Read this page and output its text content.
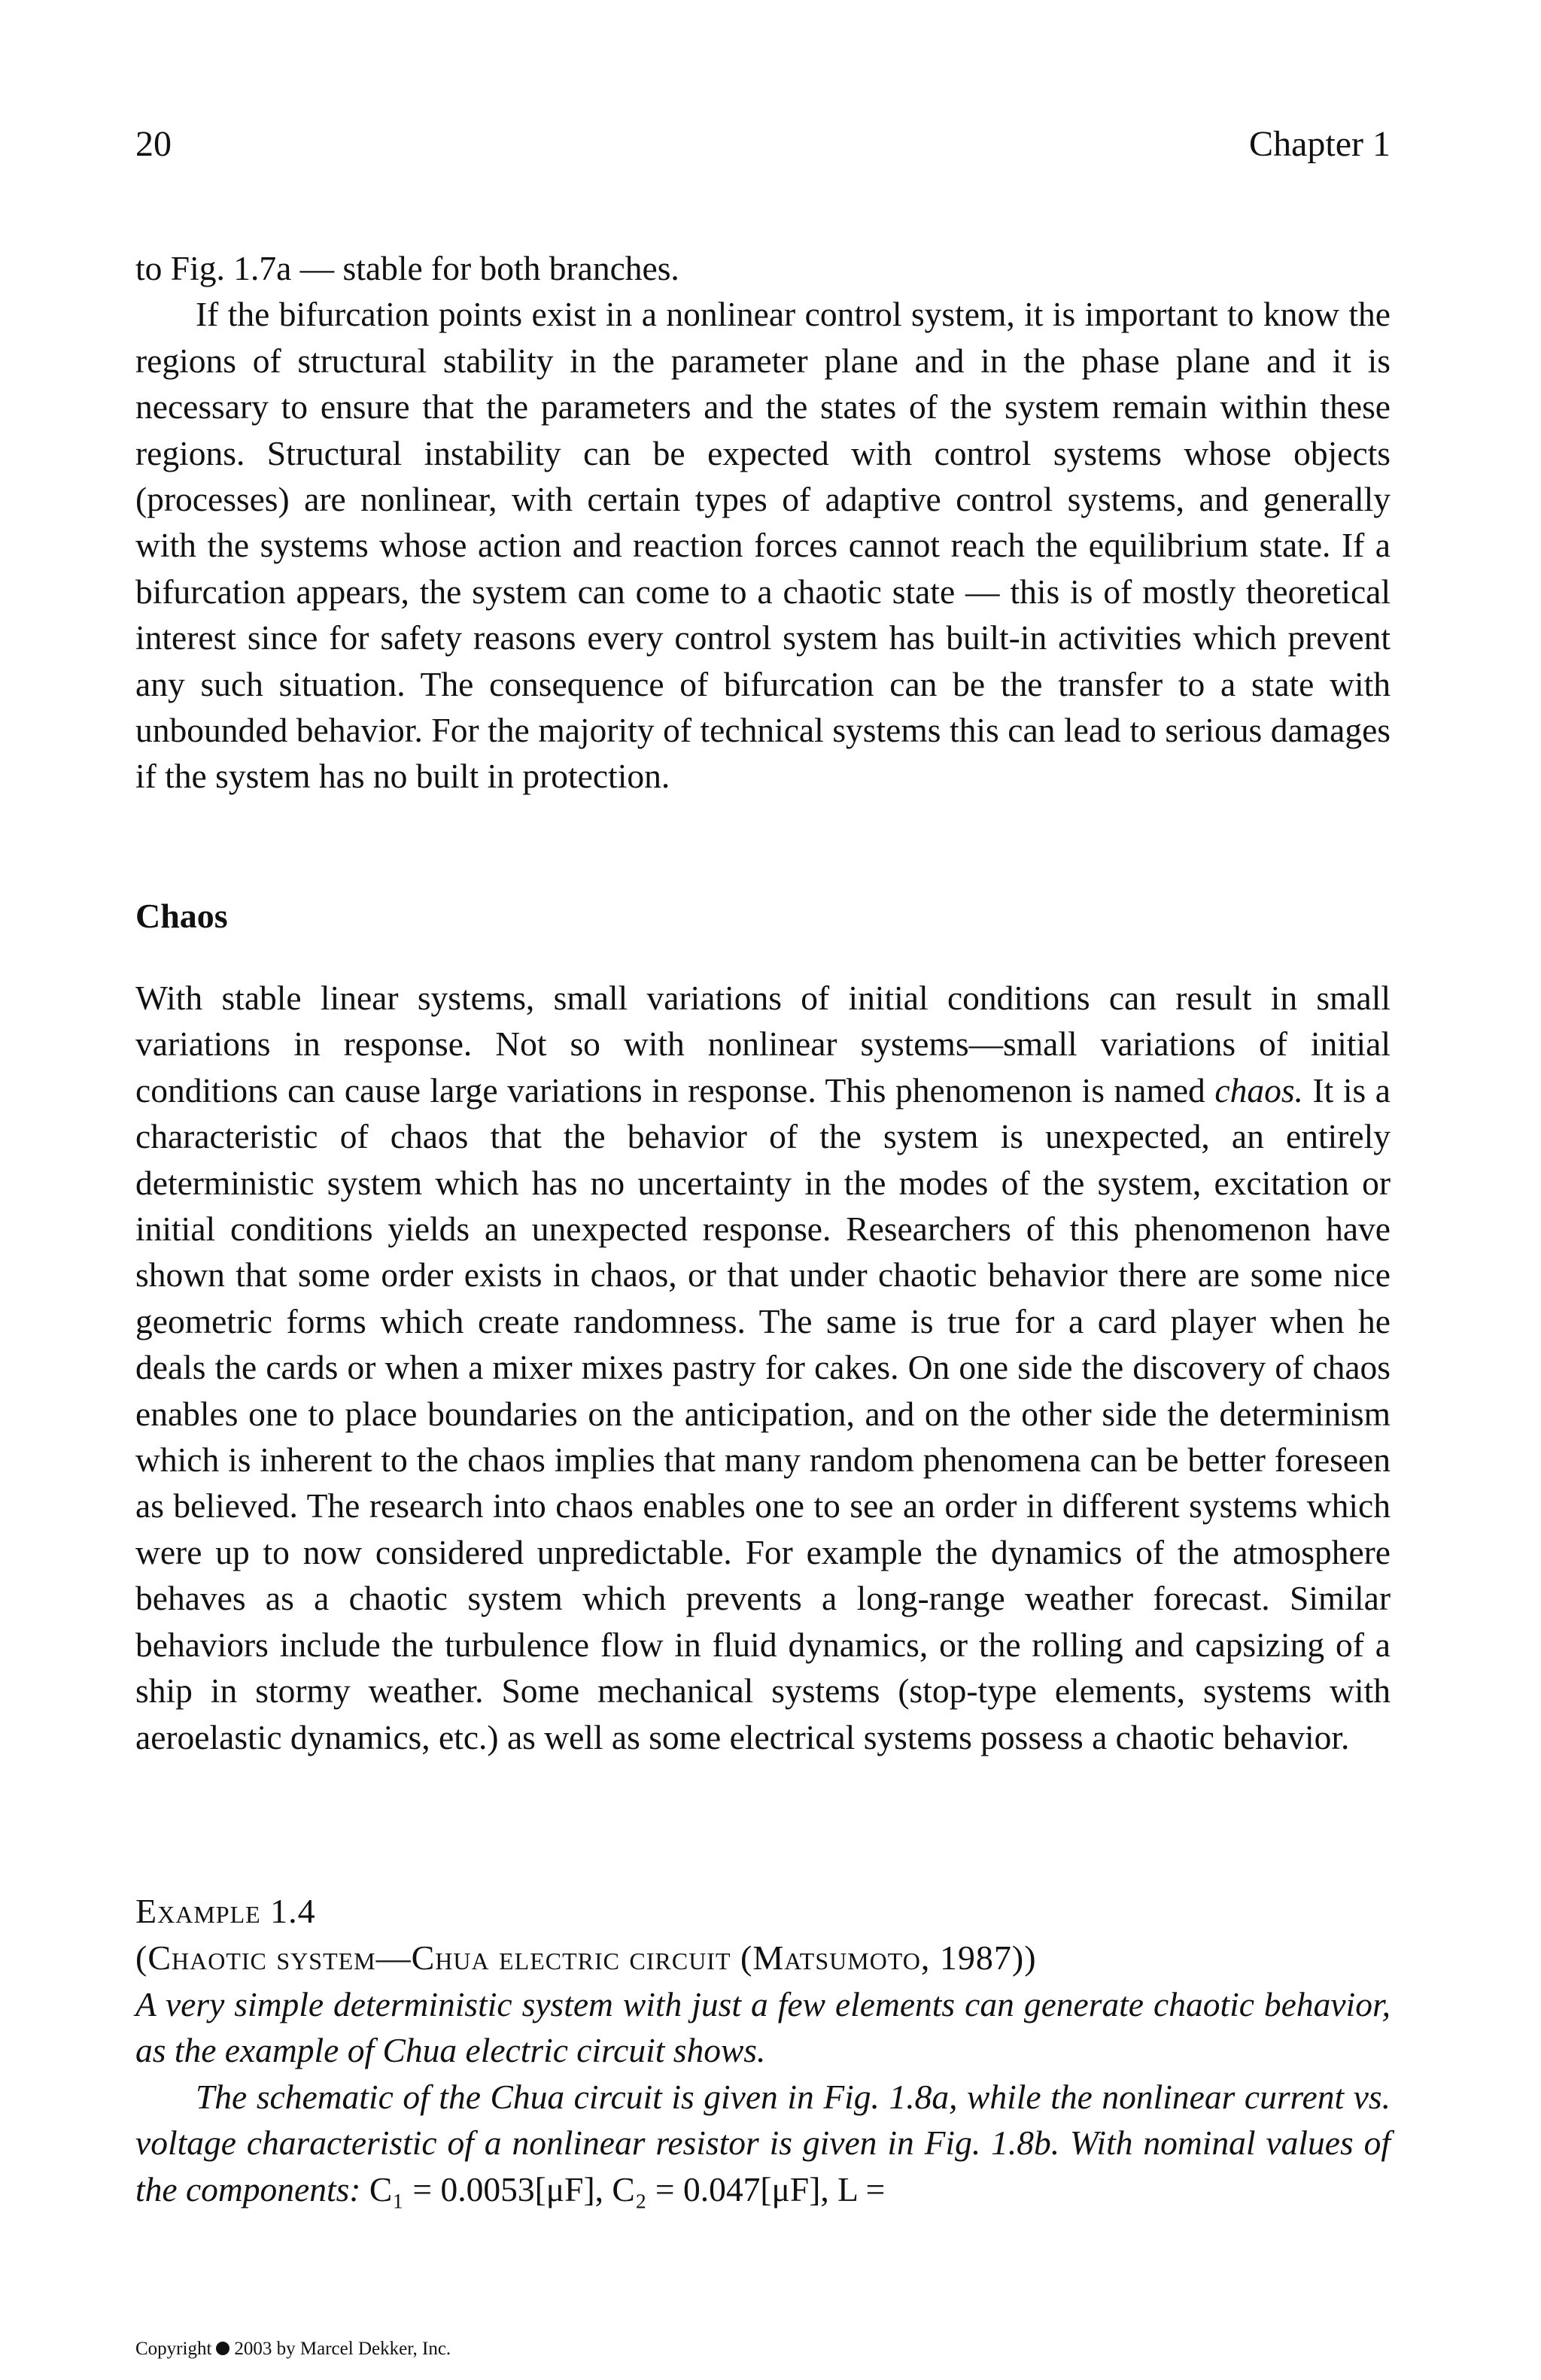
20	Chapter 1

to Fig. 1.7a — stable for both branches.

If the bifurcation points exist in a nonlinear control system, it is important to know the regions of structural stability in the parameter plane and in the phase plane and it is necessary to ensure that the parameters and the states of the system remain within these regions. Structural instability can be expected with control systems whose objects (processes) are nonlinear, with certain types of adaptive control systems, and generally with the systems whose action and reaction forces cannot reach the equilibrium state. If a bifurcation appears, the system can come to a chaotic state — this is of mostly theoretical interest since for safety reasons every control system has built-in activities which prevent any such situation. The consequence of bifurcation can be the transfer to a state with unbounded behavior. For the majority of technical systems this can lead to serious damages if the system has no built in protection.

Chaos

With stable linear systems, small variations of initial conditions can result in small variations in response. Not so with nonlinear systems—small variations of initial conditions can cause large variations in response. This phenomenon is named chaos. It is a characteristic of chaos that the behavior of the system is unexpected, an entirely deterministic system which has no uncertainty in the modes of the system, excitation or initial conditions yields an unexpected response. Researchers of this phenomenon have shown that some order exists in chaos, or that under chaotic behavior there are some nice geometric forms which create randomness. The same is true for a card player when he deals the cards or when a mixer mixes pastry for cakes. On one side the discovery of chaos enables one to place boundaries on the anticipation, and on the other side the determinism which is inherent to the chaos implies that many random phenomena can be better foreseen as believed. The research into chaos enables one to see an order in different systems which were up to now considered unpredictable. For example the dynamics of the atmosphere behaves as a chaotic system which prevents a long-range weather forecast. Similar behaviors include the turbulence flow in fluid dynamics, or the rolling and capsizing of a ship in stormy weather. Some mechanical systems (stop-type elements, systems with aeroelastic dynamics, etc.) as well as some electrical systems possess a chaotic behavior.

Example 1.4
(Chaotic system—Chua electric circuit (Matsumoto, 1987))

A very simple deterministic system with just a few elements can generate chaotic behavior, as the example of Chua electric circuit shows.

The schematic of the Chua circuit is given in Fig. 1.8a, while the nonlinear current vs. voltage characteristic of a nonlinear resistor is given in Fig. 1.8b. With nominal values of the components: C₁ = 0.0053[μF], C₂ = 0.047[μF], L =

Copyright 2003 by Marcel Dekker, Inc.
